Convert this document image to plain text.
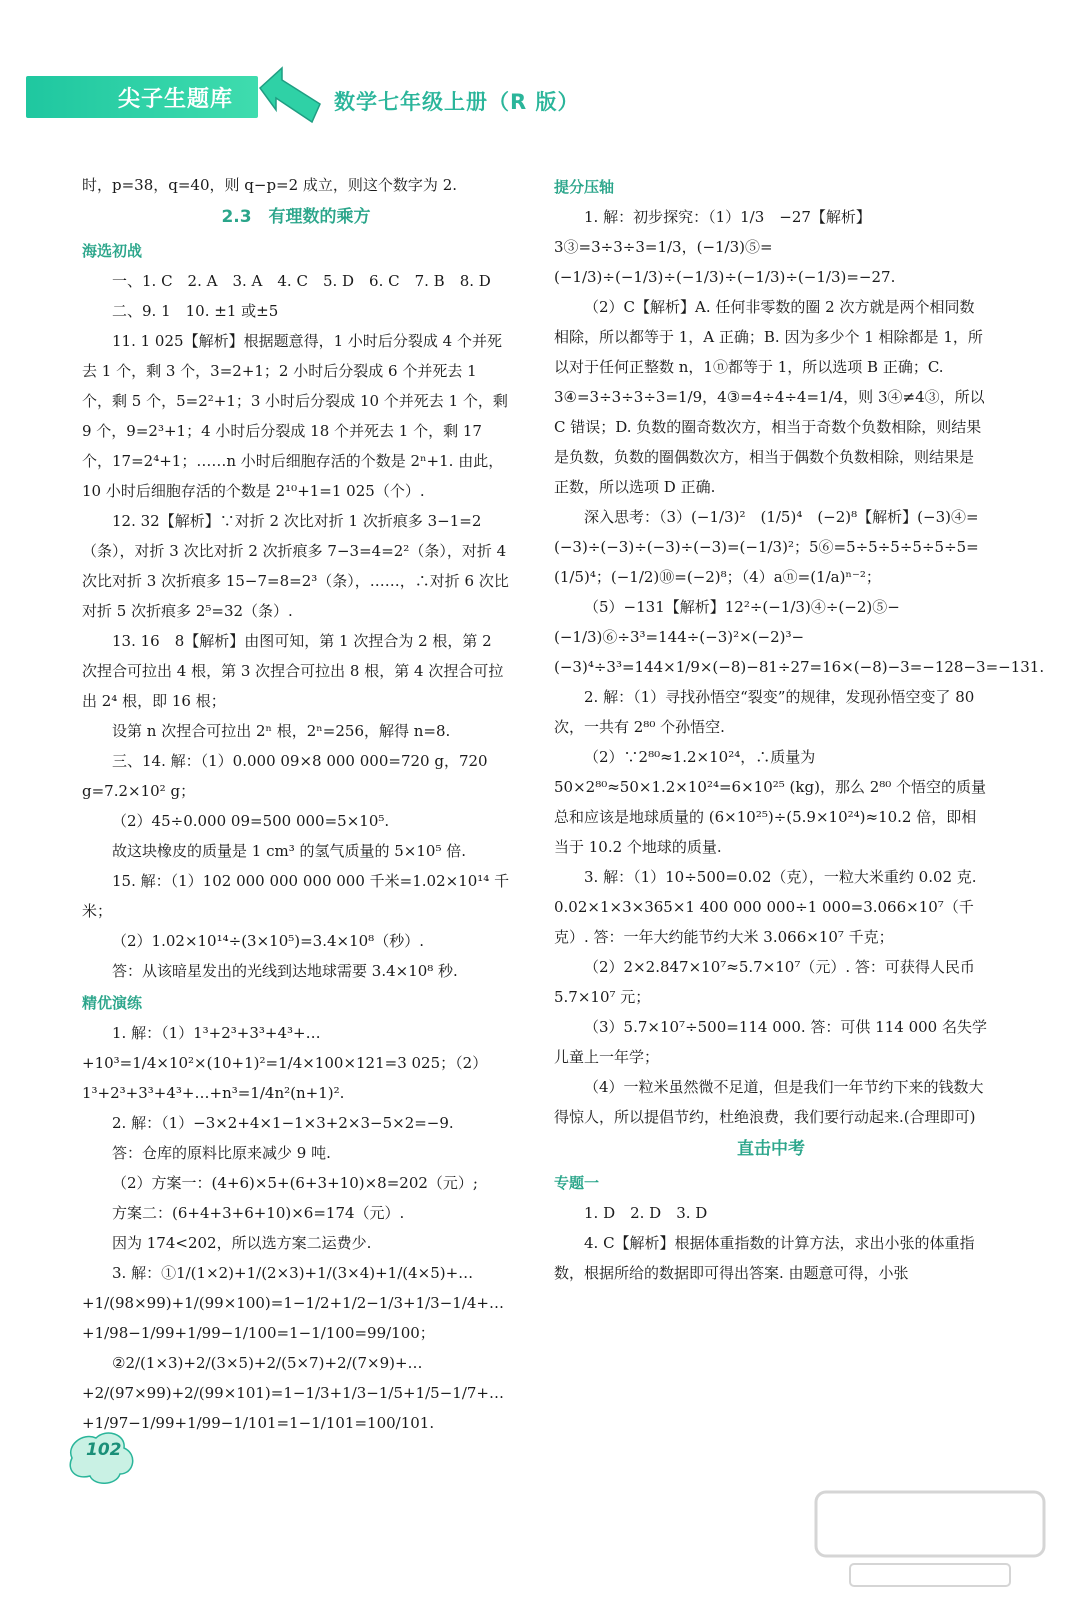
尖子生题库	数学七年级上册（R 版）
时，p=38，q=40，则 q−p=2 成立，则这个数字为 2.
2.3　有理数的乘方
海选初战
一、1. C　2. A　3. A　4. C　5. D　6. C　7. B　8. D
二、9. 1　10. ±1 或±5
11. 1 025【解析】根据题意得，1 小时后分裂成 4 个并死去 1 个，剩 3 个，3=2+1；2 小时后分裂成 6 个并死去 1 个，剩 5 个，5=2²+1；3 小时后分裂成 10 个并死去 1 个，剩 9 个，9=2³+1；4 小时后分裂成 18 个并死去 1 个，剩 17 个，17=2⁴+1；……n 小时后细胞存活的个数是 2ⁿ+1. 由此，10 小时后细胞存活的个数是 2¹⁰+1=1 025（个）.
12. 32【解析】∵对折 2 次比对折 1 次折痕多 3−1=2（条），对折 3 次比对折 2 次折痕多 7−3=4=2²（条），对折 4 次比对折 3 次折痕多 15−7=8=2³（条），……，∴对折 6 次比对折 5 次折痕多 2⁵=32（条）.
13. 16　8【解析】由图可知，第 1 次捏合为 2 根，第 2 次捏合可拉出 4 根，第 3 次捏合可拉出 8 根，第 4 次捏合可拉出 2⁴ 根，即 16 根；
设第 n 次捏合可拉出 2ⁿ 根，2ⁿ=256，解得 n=8.
三、14. 解：（1）0.000 09×8 000 000=720 g，720 g=7.2×10² g；
（2）45÷0.000 09=500 000=5×10⁵.
故这块橡皮的质量是 1 cm³ 的氢气质量的 5×10⁵ 倍.
15. 解：（1）102 000 000 000 000 千米=1.02×10¹⁴ 千米；
（2）1.02×10¹⁴÷(3×10⁵)=3.4×10⁸（秒）.
答：从该暗星发出的光线到达地球需要 3.4×10⁸ 秒.
精优演练
1. 解：（1）1³+2³+3³+4³+…+10³=1/4×10²×(10+1)²=1/4×100×121=3 025；（2）1³+2³+3³+4³+…+n³=1/4n²(n+1)².
2. 解：（1）−3×2+4×1−1×3+2×3−5×2=−9.
答：仓库的原料比原来减少 9 吨.
（2）方案一：(4+6)×5+(6+3+10)×8=202（元）;
方案二：(6+4+3+6+10)×6=174（元）.
因为 174<202，所以选方案二运费少.
3. 解：①1/(1×2)+1/(2×3)+1/(3×4)+1/(4×5)+…+1/(98×99)+1/(99×100)=1−1/2+1/2−1/3+1/3−1/4+…+1/98−1/99+1/99−1/100=1−1/100=99/100；
②2/(1×3)+2/(3×5)+2/(5×7)+2/(7×9)+…+2/(97×99)+2/(99×101)=1−1/3+1/3−1/5+1/5−1/7+…+1/97−1/99+1/99−1/101=1−1/101=100/101.
提分压轴
1. 解：初步探究：（1）1/3　−27【解析】3③=3÷3÷3=1/3，(−1/3)⑤=(−1/3)÷(−1/3)÷(−1/3)÷(−1/3)÷(−1/3)=−27.
（2）C【解析】A. 任何非零数的圈 2 次方就是两个相同数相除，所以都等于 1，A 正确；B. 因为多少个 1 相除都是 1，所以对于任何正整数 n，1ⓝ都等于 1，所以选项 B 正确；C. 3④=3÷3÷3÷3=1/9，4③=4÷4÷4=1/4，则 3④≠4③，所以 C 错误；D. 负数的圈奇数次方，相当于奇数个负数相除，则结果是负数，负数的圈偶数次方，相当于偶数个负数相除，则结果是正数，所以选项 D 正确.
深入思考：（3）(−1/3)²　(1/5)⁴　(−2)⁸【解析】(−3)④=(−3)÷(−3)÷(−3)÷(−3)=(−1/3)²；5⑥=5÷5÷5÷5÷5÷5=(1/5)⁴；(−1/2)⑩=(−2)⁸；（4）aⓝ=(1/a)ⁿ⁻²；
（5）−131【解析】12²÷(−1/3)④÷(−2)⑤−(−1/3)⑥÷3³=144÷(−3)²×(−2)³−(−3)⁴÷3³=144×1/9×(−8)−81÷27=16×(−8)−3=−128−3=−131.
2. 解：（1）寻找孙悟空“裂变”的规律，发现孙悟空变了 80 次，一共有 2⁸⁰ 个孙悟空.
（2）∵2⁸⁰≈1.2×10²⁴，∴质量为 50×2⁸⁰≈50×1.2×10²⁴=6×10²⁵ (kg)，那么 2⁸⁰ 个悟空的质量总和应该是地球质量的 (6×10²⁵)÷(5.9×10²⁴)≈10.2 倍，即相当于 10.2 个地球的质量.
3. 解：（1）10÷500=0.02（克），一粒大米重约 0.02 克. 0.02×1×3×365×1 400 000 000÷1 000=3.066×10⁷（千克）. 答：一年大约能节约大米 3.066×10⁷ 千克；
（2）2×2.847×10⁷≈5.7×10⁷（元）. 答：可获得人民币 5.7×10⁷ 元；
（3）5.7×10⁷÷500=114 000. 答：可供 114 000 名失学儿童上一年学；
（4）一粒米虽然微不足道，但是我们一年节约下来的钱数大得惊人，所以提倡节约，杜绝浪费，我们要行动起来.(合理即可)
直击中考
专题一
1. D　2. D　3. D
4. C【解析】根据体重指数的计算方法，求出小张的体重指数，根据所给的数据即可得出答案. 由题意可得，小张
102
